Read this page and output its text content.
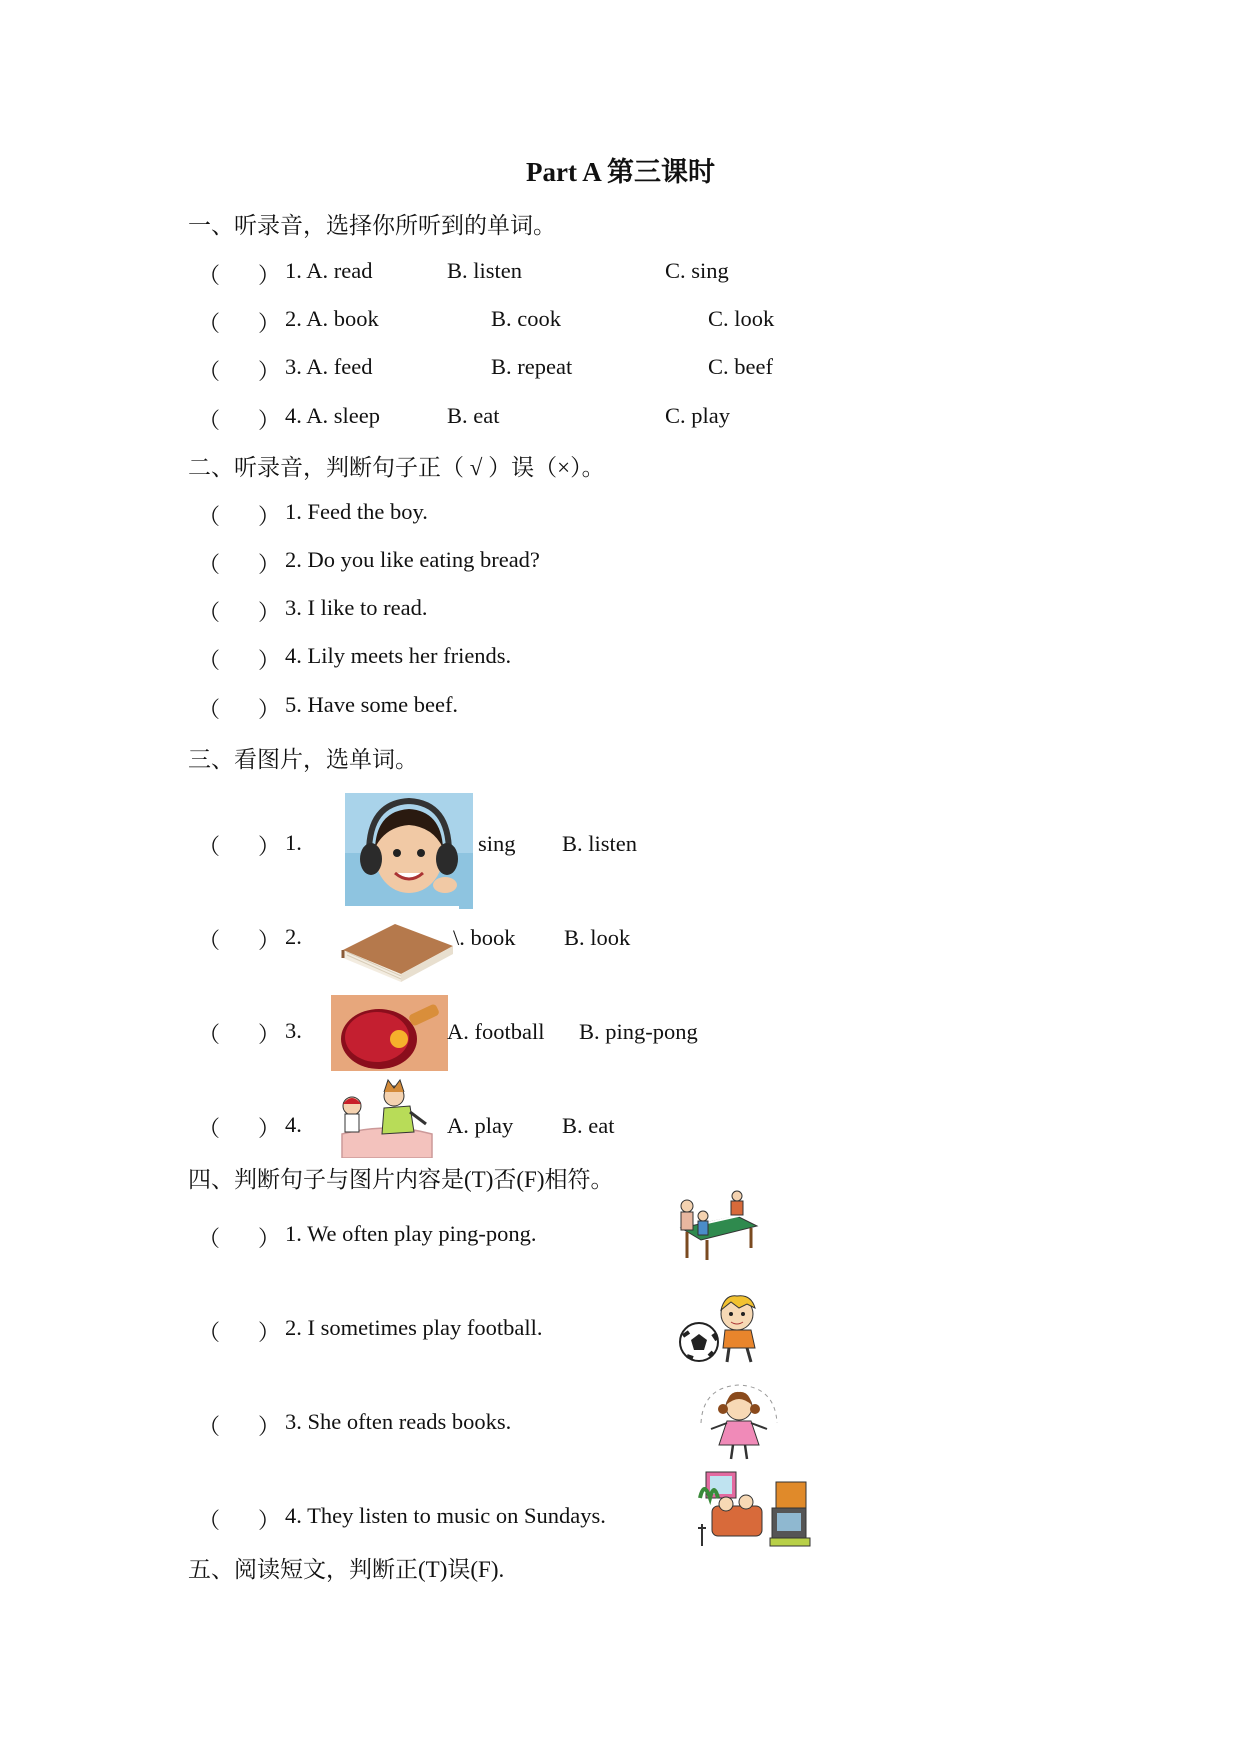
Part A 第三课时
一、听录音，选择你所听到的单词。
（ ） 1. A. read	B. listen	C. sing
（ ） 2. A. book	B. cook	C. look
（ ） 3. A. feed	B. repeat	C. beef
（ ） 4. A. sleep	B. eat	C. play
二、听录音，判断句子正（ √ ）误（×）。
（ ） 1. Feed the boy.
（ ） 2. Do you like eating bread?
（ ） 3. I like to read.
（ ） 4. Lily meets her friends.
（ ） 5. Have some beef.
三、看图片，选单词。
（ ） 1.	sing B. listen
（ ） 2.	\. book B. look
（ ） 3.	A. football B. ping-pong
（ ） 4.	A. play B. eat
四、判断句子与图片内容是(T)否(F)相符。
（ ） 1. We often play ping-pong.
（ ） 2. I sometimes play football.
（ ） 3. She often reads books.
（ ） 4. They listen to music on Sundays.
五、阅读短文，判断正(T)误(F).
